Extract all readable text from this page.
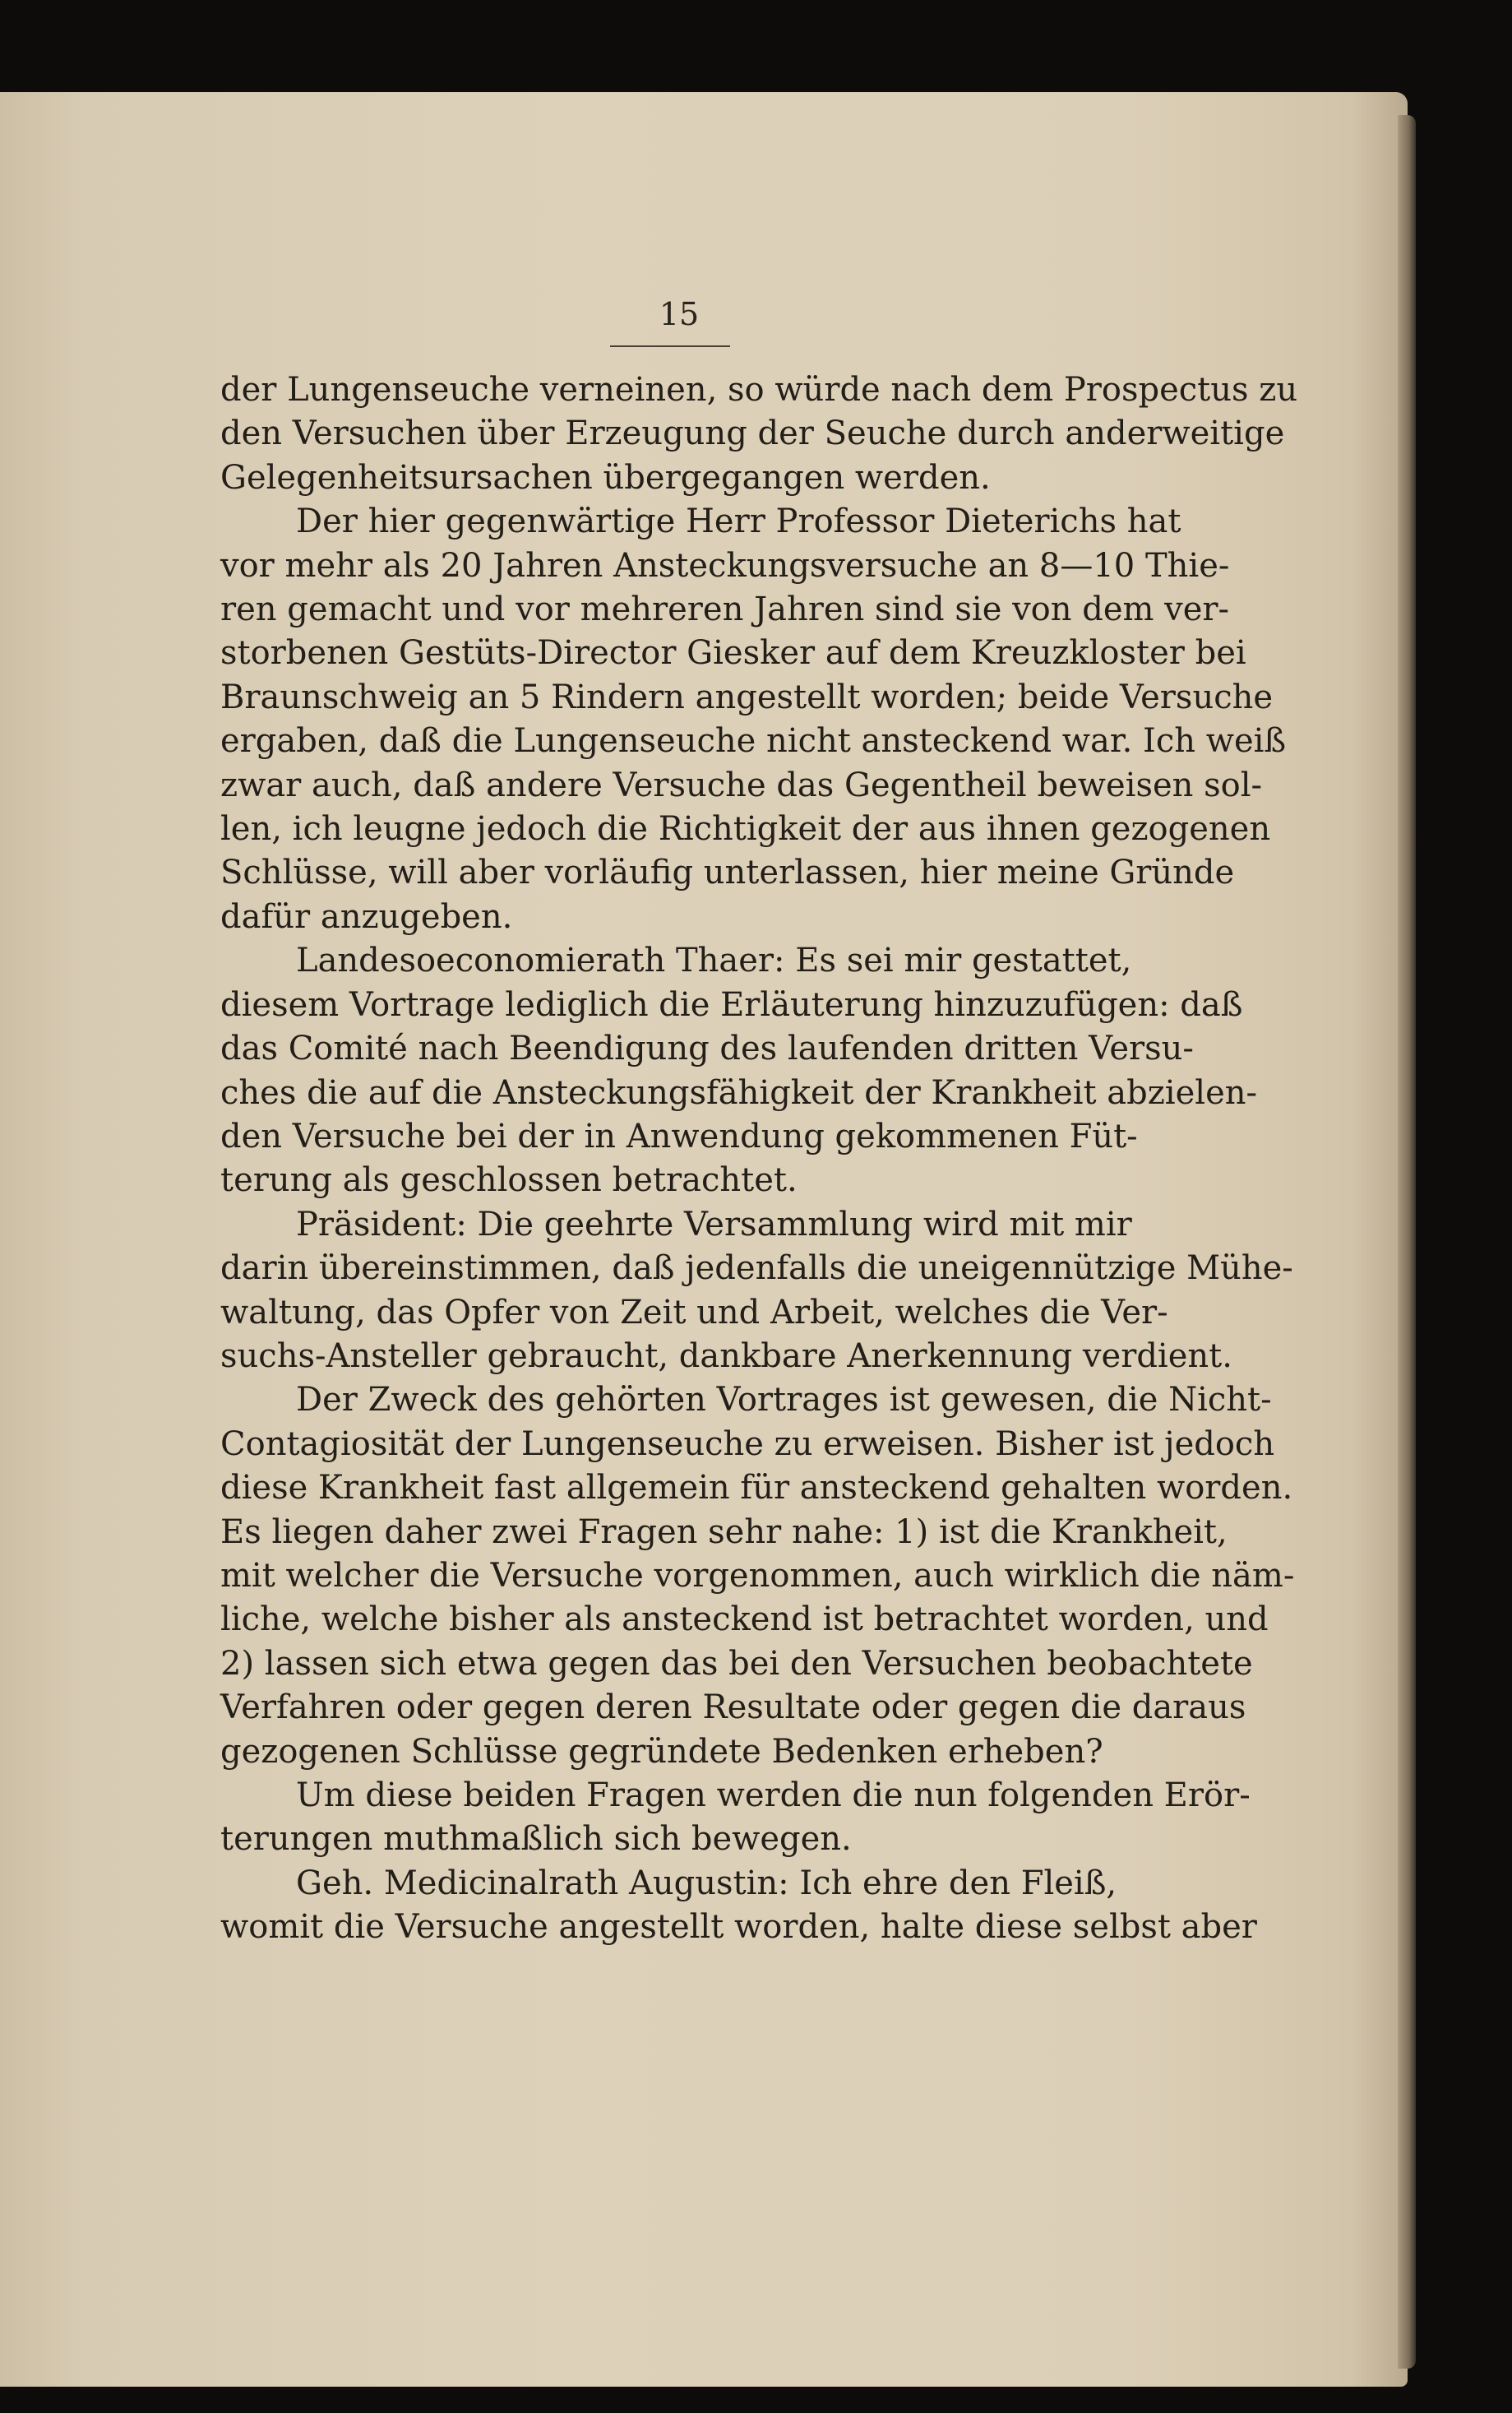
15
der Lungenseuche verneinen, so würde nach dem Prospectus zu
den Versuchen über Erzeugung der Seuche durch anderweitige
Gelegenheitsursachen übergegangen werden.
Der hier gegenwärtige Herr Professor Dieterichs hat
vor mehr als 20 Jahren Ansteckungsversuche an 8—10 Thie-
ren gemacht und vor mehreren Jahren sind sie von dem ver-
storbenen Gestüts-Director Giesker auf dem Kreuzkloster bei
Braunschweig an 5 Rindern angestellt worden; beide Versuche
ergaben, daß die Lungenseuche nicht ansteckend war. Ich weiß
zwar auch, daß andere Versuche das Gegentheil beweisen sol-
len, ich leugne jedoch die Richtigkeit der aus ihnen gezogenen
Schlüsse, will aber vorläufig unterlassen, hier meine Gründe
dafür anzugeben.
Landesoeconomierath Thaer: Es sei mir gestattet,
diesem Vortrage lediglich die Erläuterung hinzuzufügen: daß
das Comité nach Beendigung des laufenden dritten Versu-
ches die auf die Ansteckungsfähigkeit der Krankheit abzielen-
den Versuche bei der in Anwendung gekommenen Füt-
terung als geschlossen betrachtet.
Präsident: Die geehrte Versammlung wird mit mir
darin übereinstimmen, daß jedenfalls die uneigennützige Mühe-
waltung, das Opfer von Zeit und Arbeit, welches die Ver-
suchs-Ansteller gebraucht, dankbare Anerkennung verdient.
Der Zweck des gehörten Vortrages ist gewesen, die Nicht-
Contagiosität der Lungenseuche zu erweisen. Bisher ist jedoch
diese Krankheit fast allgemein für ansteckend gehalten worden.
Es liegen daher zwei Fragen sehr nahe: 1) ist die Krankheit,
mit welcher die Versuche vorgenommen, auch wirklich die näm-
liche, welche bisher als ansteckend ist betrachtet worden, und
2) lassen sich etwa gegen das bei den Versuchen beobachtete
Verfahren oder gegen deren Resultate oder gegen die daraus
gezogenen Schlüsse gegründete Bedenken erheben?
Um diese beiden Fragen werden die nun folgenden Erör-
terungen muthmaßlich sich bewegen.
Geh. Medicinalrath Augustin: Ich ehre den Fleiß,
womit die Versuche angestellt worden, halte diese selbst aber
